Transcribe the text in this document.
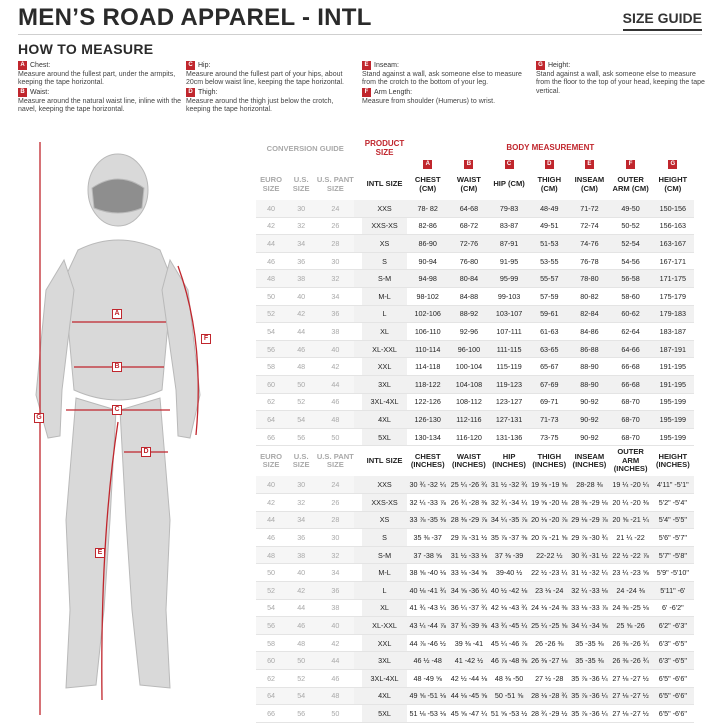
MEN’S ROAD APPAREL - INTL	SIZE GUIDE
HOW TO MEASURE
A Chest:
Measure around the fullest part, under the armpits, keeping the tape horizontal.
B Waist:
Measure around the natural waist line, inline with the navel, keeping the tape horizontal.
C Hip:
Measure around the fullest part of your hips, about 20cm below waist line, keeping the tape horizontal.
D Thigh:
Measure around the thigh just below the crotch, keeping the tape horizontal.
E Inseam:
Stand against a wall, ask someone else to measure from the crotch to the bottom of your leg.
F Arm Length:
Measure from shoulder (Humerus) to wrist.
G Height:
Stand against a wall, ask someone else to measure from the floor to the top of your head, keeping the tape vertical.
A
B
C
D
E
F
G
CONVERSION GUIDE				PRODUCT SIZE	BODY MEASUREMENT						
					A	B	C	D	E	F	G
EURO SIZE	U.S. SIZE	U.S. PANT SIZE		INTL SIZE	CHEST (CM)	WAIST (CM)	HIP (CM)	THIGH (CM)	INSEAM (CM)	OUTER ARM (CM)	HEIGHT (CM)
40	30	24		XXS	78- 82	64-68	79-83	48-49	71-72	49-50	150-156
42	32	26		XXS-XS	82-86	68-72	83-87	49-51	72-74	50-52	156-163
44	34	28		XS	86-90	72-76	87-91	51-53	74-76	52-54	163-167
46	36	30		S	90-94	76-80	91-95	53-55	76-78	54-56	167-171
48	38	32		S-M	94-98	80-84	95-99	55-57	78-80	56-58	171-175
50	40	34		M-L	98-102	84-88	99-103	57-59	80-82	58-60	175-179
52	42	36		L	102-106	88-92	103-107	59-61	82-84	60-62	179-183
54	44	38		XL	106-110	92-96	107-111	61-63	84-86	62-64	183-187
56	46	40		XL-XXL	110-114	96-100	111-115	63-65	86-88	64-66	187-191
58	48	42		XXL	114-118	100-104	115-119	65-67	88-90	66-68	191-195
60	50	44		3XL	118-122	104-108	119-123	67-69	88-90	66-68	191-195
62	52	46		3XL-4XL	122-126	108-112	123-127	69-71	90-92	68-70	195-199
64	54	48		4XL	126-130	112-116	127-131	71-73	90-92	68-70	195-199
66	56	50		5XL	130-134	116-120	131-136	73-75	90-92	68-70	195-199
EURO SIZE	U.S. SIZE	U.S. PANT SIZE		INTL SIZE	CHEST (INCHES)	WAIST (INCHES)	HIP (INCHES)	THIGH (INCHES)	INSEAM (INCHES)	OUTER ARM (INCHES)	HEIGHT (INCHES)
40	30	24		XXS	30 ¾ -32 ¼	25 ¼ -26 ¾	31 ½ -32 ¾	19 ⅜ -19 ⅝	28-28 ⅜	19 ¼ -20 ¼	4'11" -5'1"
42	32	26		XXS-XS	32 ¼ -33 ⅞	26 ¾ -28 ⅜	32 ¾ -34 ¼	19 ⅝ -20 ⅛	28 ⅜ -29 ⅛	20 ¼ -20 ⅜	5'2" -5'4"
44	34	28		XS	33 ⅞ -35 ⅜	28 ⅜ -29 ⅞	34 ¼ -35 ⅞	20 ⅛ -20 ⅞	29 ⅛ -29 ⅞	20 ⅝ -21 ¼	5'4" -5'5"
46	36	30		S	35 ⅜ -37	29 ⅞ -31 ½	35 ⅞ -37 ⅜	20 ⅞ -21 ⅝	29 ⅞ -30 ¾	21 ¼ -22	5'6" -5'7"
48	38	32		S-M	37 -38 ⅝	31 ½ -33 ⅛	37 ⅜ -39	22-22 ½	30 ¾ -31 ½	22 ½ -22 ⅞	5'7" -5'8"
50	40	34		M-L	38 ⅝ -40 ⅛	33 ⅛ -34 ⅝	39-40 ½	22 ½ -23 ¼	31 ½ -32 ¼	23 ¼ -23 ⅝	5'9" -5'10"
52	42	36		L	40 ⅛ -41 ¾	34 ⅝ -36 ¼	40 ½ -42 ⅛	23 ⅛ -24	32 ¼ -33 ⅛	24 -24 ⅜	5'11" -6'
54	44	38		XL	41 ¾ -43 ¼	36 ¼ -37 ¾	42 ⅛ -43 ¾	24 ⅛ -24 ⅜	33 ⅛ -33 ⅞	24 ⅜ -25 ⅛	6' -6'2"
56	46	40		XL-XXL	43 ¼ -44 ⅞	37 ¾ -39 ⅜	43 ¾ -45 ¼	25 ¼ -25 ⅝	34 ¼ -34 ⅝	25 ⅝ -26	6'2" -6'3"
58	48	42		XXL	44 ⅞ -46 ½	39 ⅜ -41	45 ¼ -46 ⅞	26 -26 ⅜	35 -35 ⅜	26 ⅜ -26 ¾	6'3" -6'5"
60	50	44		3XL	46 ½ -48	41 -42 ½	46 ⅞ -48 ⅜	26 ⅜ -27 ⅛	35 -35 ⅜	26 ⅜ -26 ¾	6'3" -6'5"
62	52	46		3XL-4XL	48 -49 ⅝	42 ½ -44 ⅛	48 ⅜ -50	27 ½ -28	35 ⅞ -36 ¼	27 ⅛ -27 ½	6'5" -6'6"
64	54	48		4XL	49 ⅝ -51 ⅛	44 ⅛ -45 ⅝	50 -51 ⅝	28 ⅛ -28 ¾	35 ⅞ -36 ¼	27 ⅛ -27 ½	6'5" -6'6"
66	56	50		5XL	51 ⅛ -53 ⅛	45 ⅝ -47 ¼	51 ⅝ -53 ½	28 ¾ -29 ½	35 ⅞ -36 ¼	27 ⅛ -27 ½	6'5" -6'6"
